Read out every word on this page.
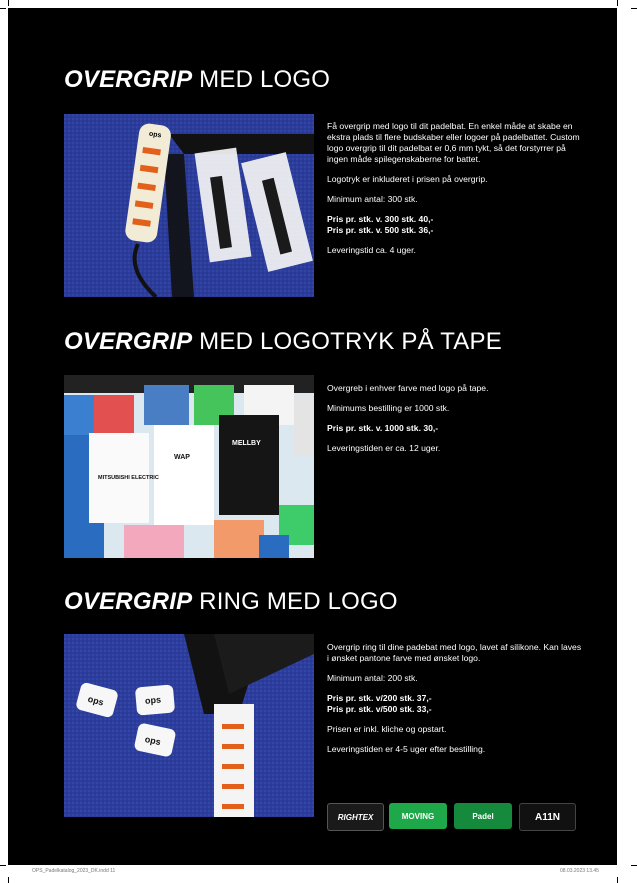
OVERGRIP MED LOGO
ops

Få overgrip med logo til dit padelbat. En enkel måde at skabe en ekstra plads til flere budskaber eller logoer på padelbattet. Custom logo overgrip til dit padelbat er 0,6 mm tykt, så det forstyrrer på ingen måde spilegenskaberne for battet.

Logotryk er inkluderet i prisen på overgrip.

Minimum antal: 300 stk.

Pris pr. stk. v. 300 stk. 40,-
Pris pr. stk. v. 500 stk. 36,-

Leveringstid ca. 4 uger.

OVERGRIP MED LOGOTRYK PÅ TAPE
MITSUBISHI ELECTRIC
WAP
MELLBY

Overgreb i enhver farve med logo på tape.

Minimums bestilling er 1000 stk.

Pris pr. stk. v. 1000 stk. 30,-

Leveringstiden er ca. 12 uger.

OVERGRIP RING MED LOGO
ops	ops
ops

Overgrip ring til dine padebat med logo, lavet af silikone. Kan laves i ønsket pantone farve med ønsket logo.

Minimum antal: 200 stk.

Pris pr. stk. v/200 stk. 37,-
Pris pr. stk. v/500 stk. 33,-

Prisen er inkl. kliche og opstart.

Leveringstiden er 4-5 uger efter bestilling.

RIGHTEX	MOVING	Padel	A11N
OPS_Padelkatalog_2023_DK.indd 11	08.03.2023 13.45
